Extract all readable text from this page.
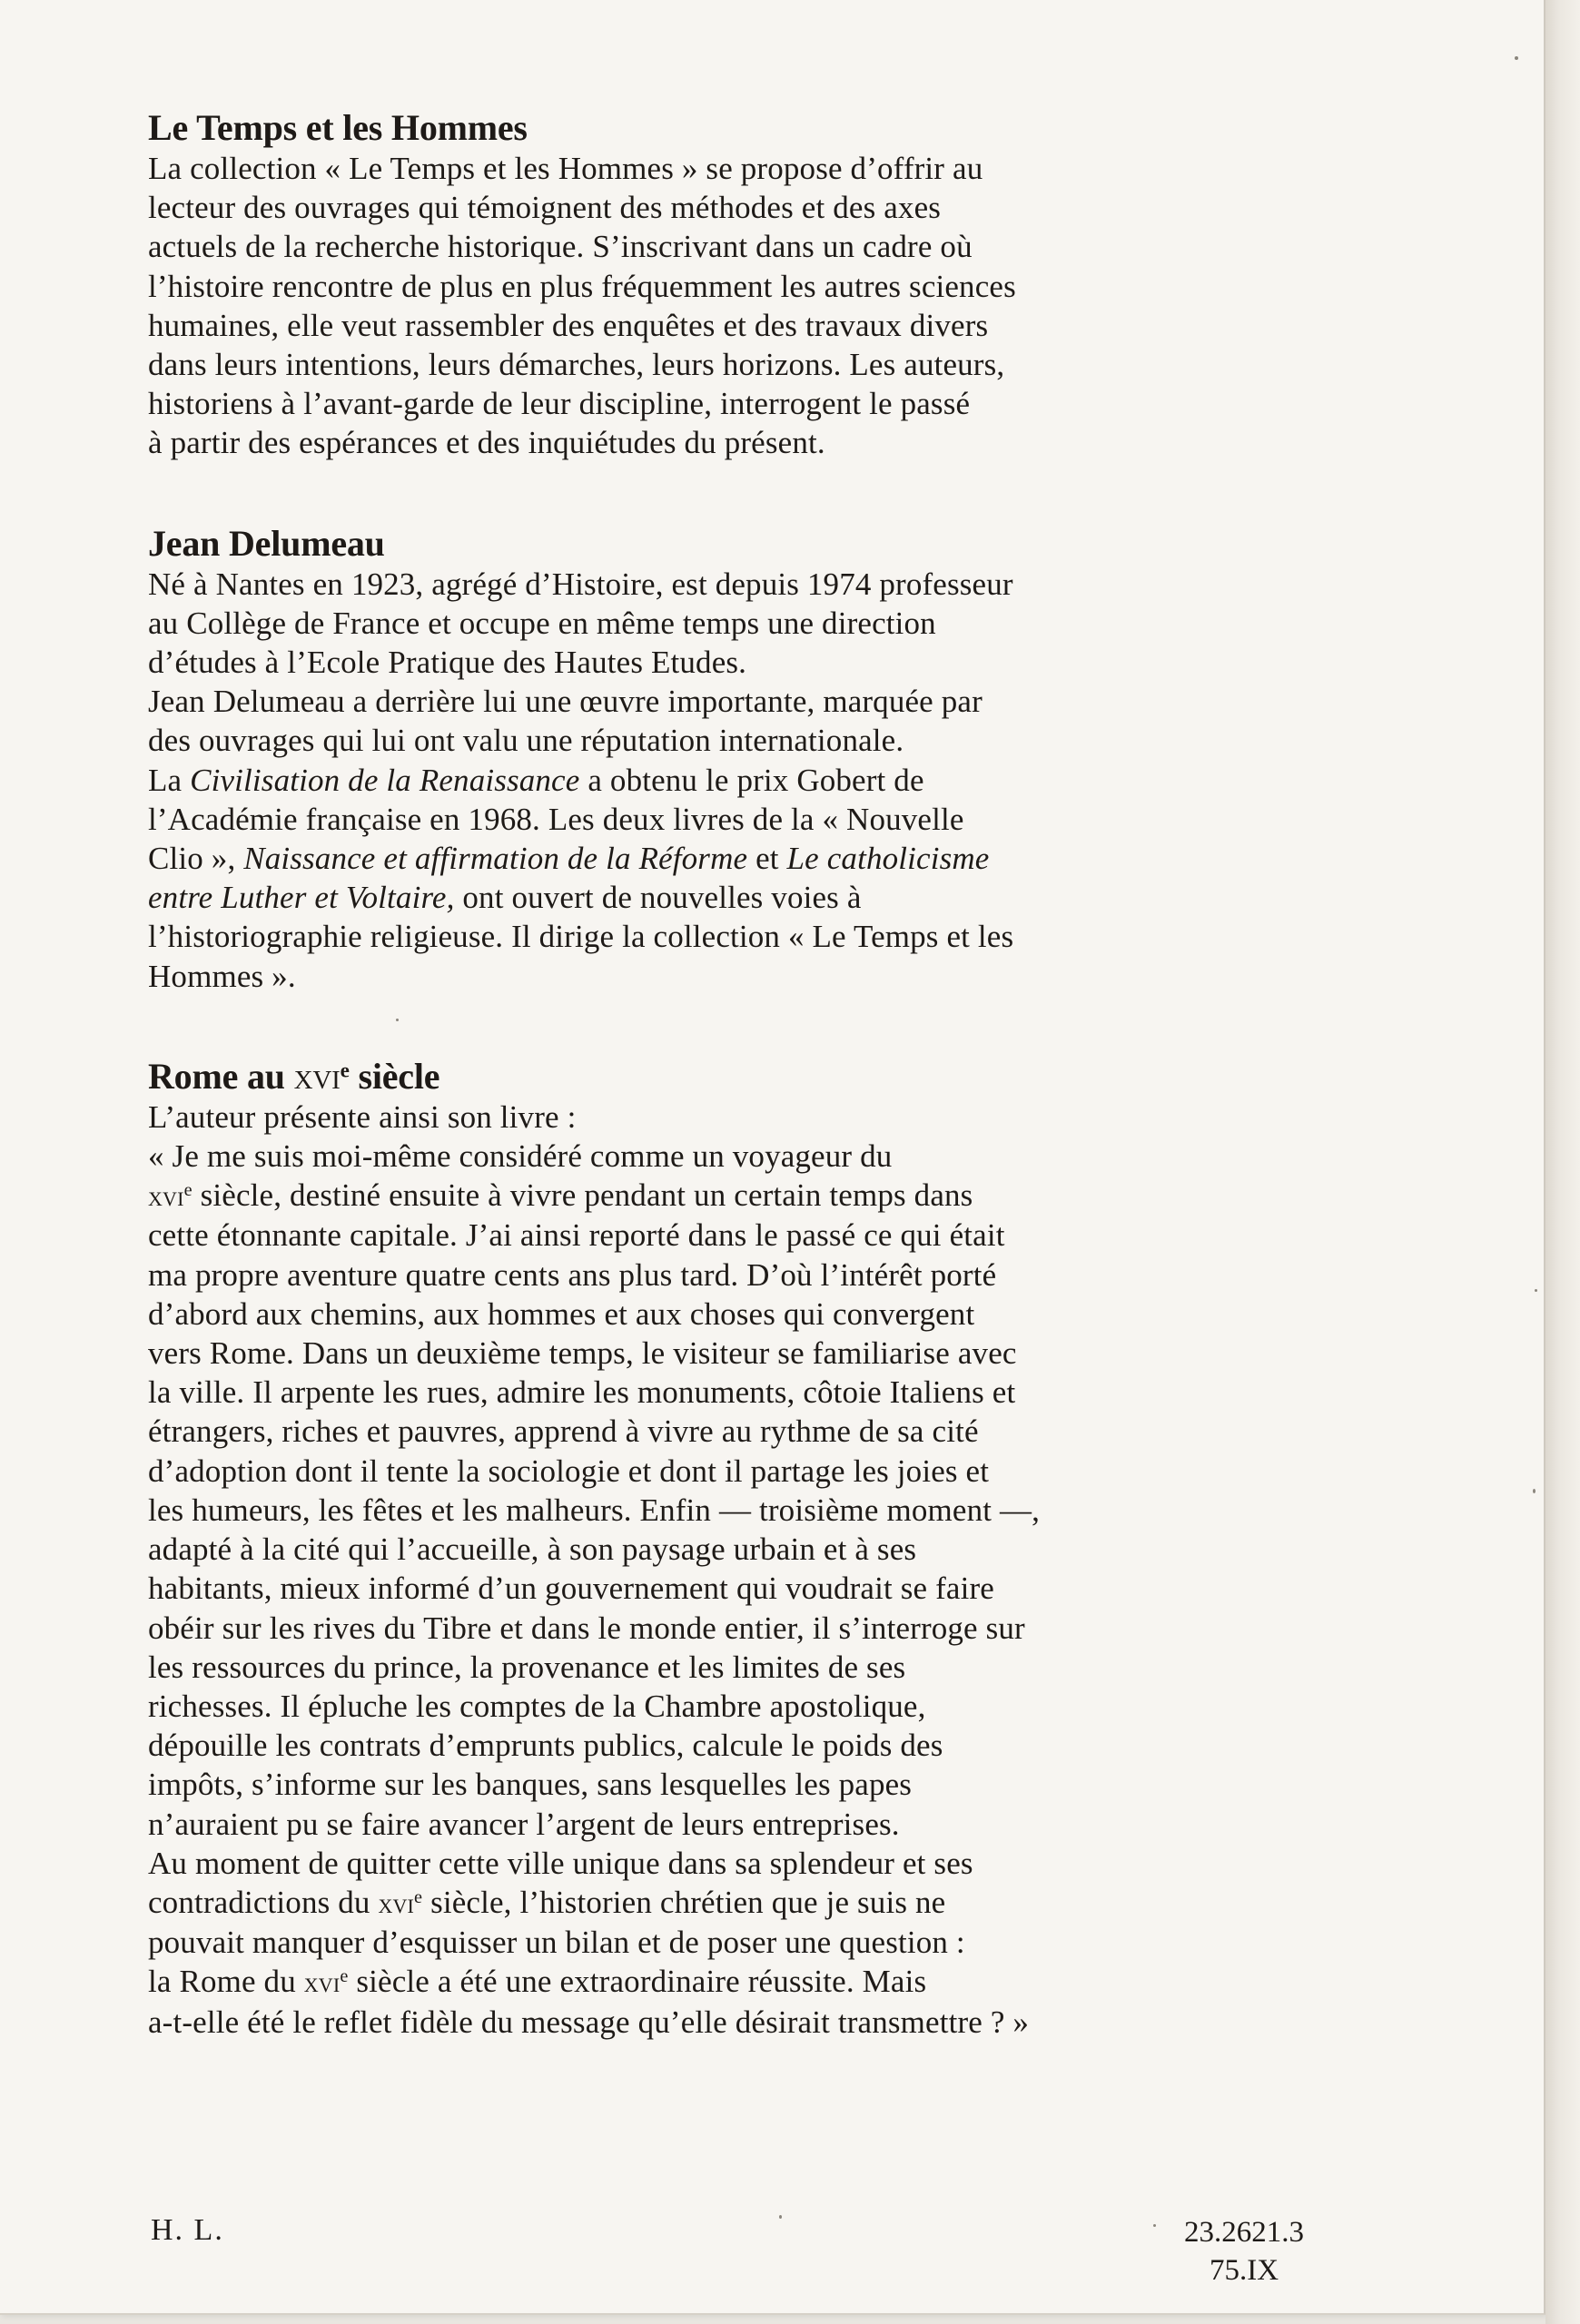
Le Temps et les Hommes
La collection « Le Temps et les Hommes » se propose d’offrir au
lecteur des ouvrages qui témoignent des méthodes et des axes
actuels de la recherche historique. S’inscrivant dans un cadre où
l’histoire rencontre de plus en plus fréquemment les autres sciences
humaines, elle veut rassembler des enquêtes et des travaux divers
dans leurs intentions, leurs démarches, leurs horizons. Les auteurs,
historiens à l’avant-garde de leur discipline, interrogent le passé
à partir des espérances et des inquiétudes du présent.
Jean Delumeau
Né à Nantes en 1923, agrégé d’Histoire, est depuis 1974 professeur
au Collège de France et occupe en même temps une direction
d’études à l’Ecole Pratique des Hautes Etudes.
Jean Delumeau a derrière lui une œuvre importante, marquée par
des ouvrages qui lui ont valu une réputation internationale.
La Civilisation de la Renaissance a obtenu le prix Gobert de
l’Académie française en 1968. Les deux livres de la « Nouvelle
Clio », Naissance et affirmation de la Réforme et Le catholicisme
entre Luther et Voltaire, ont ouvert de nouvelles voies à
l’historiographie religieuse. Il dirige la collection « Le Temps et les
Hommes ».
Rome au xvi$^e$ siècle
L’auteur présente ainsi son livre :
« Je me suis moi-même considéré comme un voyageur du
xvi$^e$ siècle, destiné ensuite à vivre pendant un certain temps dans
cette étonnante capitale. J’ai ainsi reporté dans le passé ce qui était
ma propre aventure quatre cents ans plus tard. D’où l’intérêt porté
d’abord aux chemins, aux hommes et aux choses qui convergent
vers Rome. Dans un deuxième temps, le visiteur se familiarise avec
la ville. Il arpente les rues, admire les monuments, côtoie Italiens et
étrangers, riches et pauvres, apprend à vivre au rythme de sa cité
d’adoption dont il tente la sociologie et dont il partage les joies et
les humeurs, les fêtes et les malheurs. Enfin — troisième moment —,
adapté à la cité qui l’accueille, à son paysage urbain et à ses
habitants, mieux informé d’un gouvernement qui voudrait se faire
obéir sur les rives du Tibre et dans le monde entier, il s’interroge sur
les ressources du prince, la provenance et les limites de ses
richesses. Il épluche les comptes de la Chambre apostolique,
dépouille les contrats d’emprunts publics, calcule le poids des
impôts, s’informe sur les banques, sans lesquelles les papes
n’auraient pu se faire avancer l’argent de leurs entreprises.
Au moment de quitter cette ville unique dans sa splendeur et ses
contradictions du xvi$^e$ siècle, l’historien chrétien que je suis ne
pouvait manquer d’esquisser un bilan et de poser une question :
la Rome du xvi$^e$ siècle a été une extraordinaire réussite. Mais
a-t-elle été le reflet fidèle du message qu’elle désirait transmettre ? »
H. L.	23.2621.3
75.IX
